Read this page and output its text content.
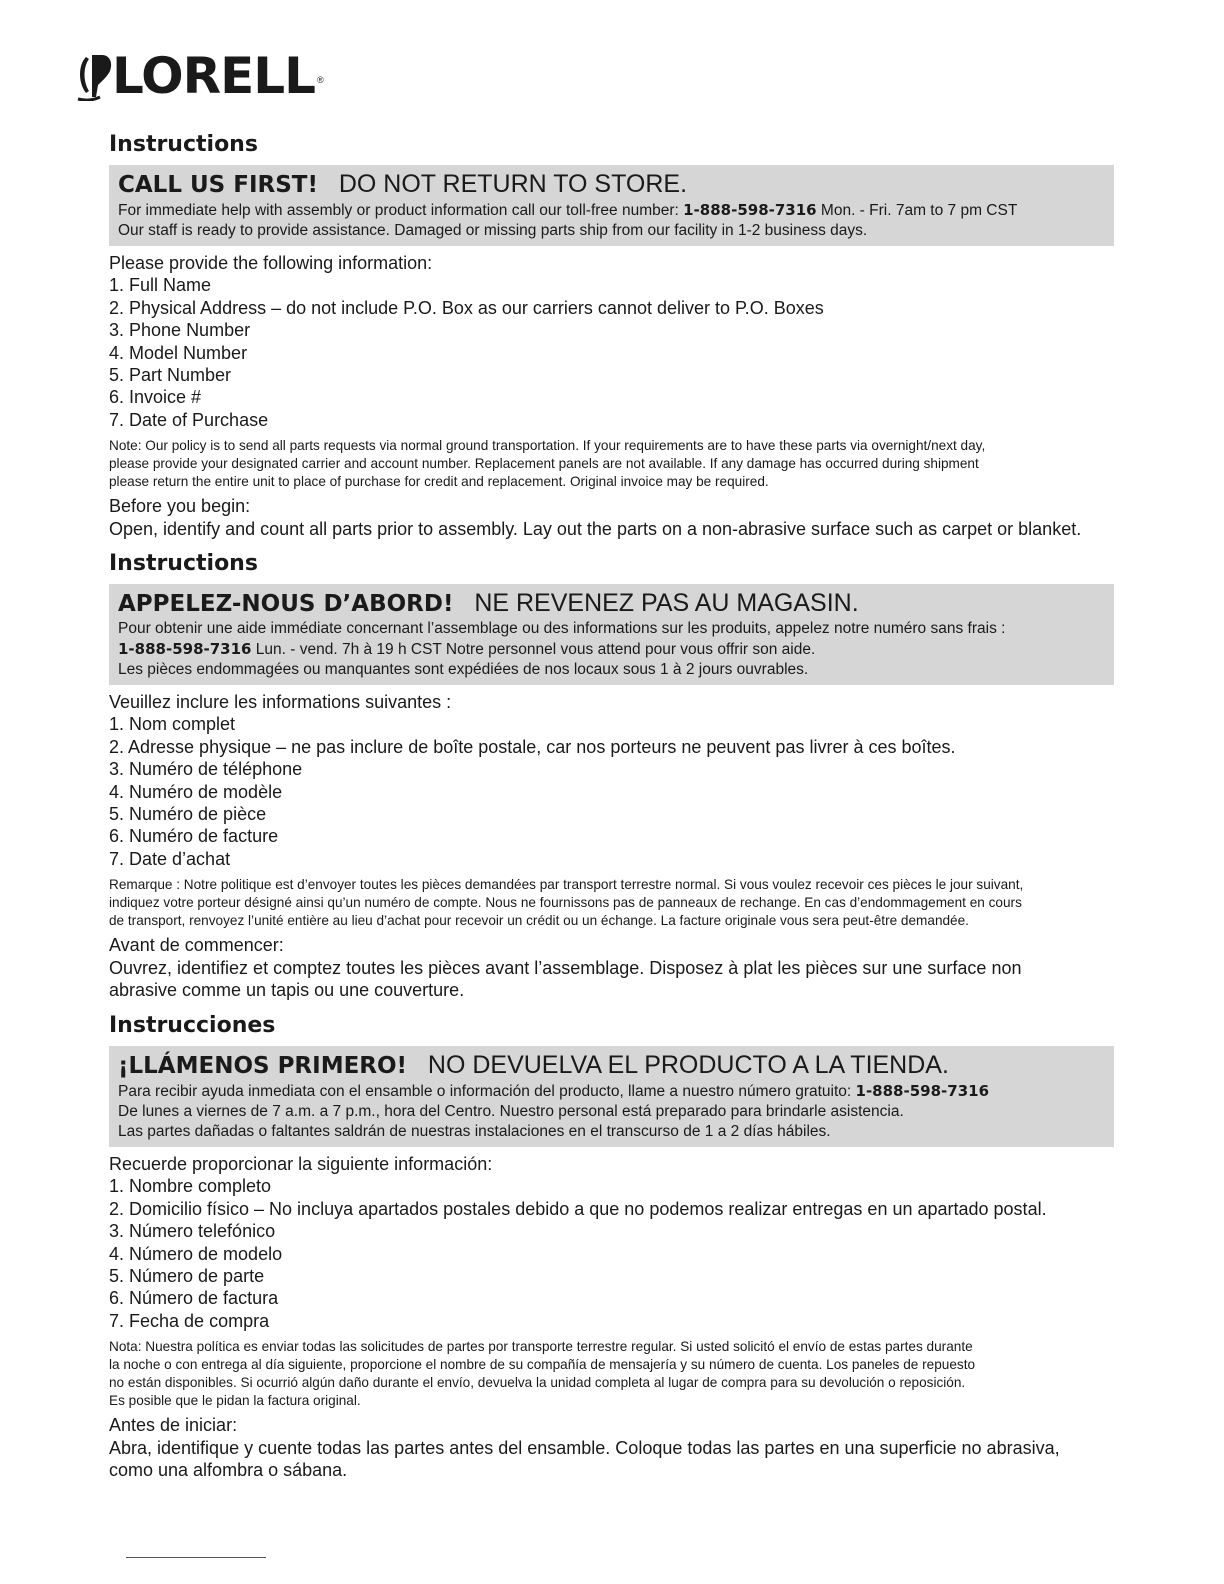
LORELL ®
Instructions
CALL US FIRST! DO NOT RETURN TO STORE.
For immediate help with assembly or product information call our toll-free number: 1-888-598-7316 Mon. - Fri. 7am to 7 pm CST
Our staff is ready to provide assistance. Damaged or missing parts ship from our facility in 1-2 business days.
Please provide the following information:
1. Full Name
2. Physical Address – do not include P.O. Box as our carriers cannot deliver to P.O. Boxes
3. Phone Number
4. Model Number
5. Part Number
6. Invoice #
7. Date of Purchase
Note: Our policy is to send all parts requests via normal ground transportation. If your requirements are to have these parts via overnight/next day,
please provide your designated carrier and account number. Replacement panels are not available. If any damage has occurred during shipment
please return the entire unit to place of purchase for credit and replacement. Original invoice may be required.
Before you begin:
Open, identify and count all parts prior to assembly. Lay out the parts on a non-abrasive surface such as carpet or blanket.
Instructions
APPELEZ-NOUS D’ABORD! NE REVENEZ PAS AU MAGASIN.
Pour obtenir une aide immédiate concernant l’assemblage ou des informations sur les produits, appelez notre numéro sans frais :
1-888-598-7316 Lun. - vend. 7h à 19 h CST Notre personnel vous attend pour vous offrir son aide.
Les pièces endommagées ou manquantes sont expédiées de nos locaux sous 1 à 2 jours ouvrables.
Veuillez inclure les informations suivantes :
1. Nom complet
2. Adresse physique – ne pas inclure de boîte postale, car nos porteurs ne peuvent pas livrer à ces boîtes.
3. Numéro de téléphone
4. Numéro de modèle
5. Numéro de pièce
6. Numéro de facture
7. Date d’achat
Remarque : Notre politique est d’envoyer toutes les pièces demandées par transport terrestre normal. Si vous voulez recevoir ces pièces le jour suivant,
indiquez votre porteur désigné ainsi qu’un numéro de compte. Nous ne fournissons pas de panneaux de rechange. En cas d’endommagement en cours
de transport, renvoyez l’unité entière au lieu d’achat pour recevoir un crédit ou un échange. La facture originale vous sera peut-être demandée.
Avant de commencer:
Ouvrez, identifiez et comptez toutes les pièces avant l’assemblage. Disposez à plat les pièces sur une surface non
abrasive comme un tapis ou une couverture.
Instrucciones
¡LLÁMENOS PRIMERO! NO DEVUELVA EL PRODUCTO A LA TIENDA.
Para recibir ayuda inmediata con el ensamble o información del producto, llame a nuestro número gratuito: 1-888-598-7316
De lunes a viernes de 7 a.m. a 7 p.m., hora del Centro. Nuestro personal está preparado para brindarle asistencia.
Las partes dañadas o faltantes saldrán de nuestras instalaciones en el transcurso de 1 a 2 días hábiles.
Recuerde proporcionar la siguiente información:
1. Nombre completo
2. Domicilio físico – No incluya apartados postales debido a que no podemos realizar entregas en un apartado postal.
3. Número telefónico
4. Número de modelo
5. Número de parte
6. Número de factura
7. Fecha de compra
Nota: Nuestra política es enviar todas las solicitudes de partes por transporte terrestre regular. Si usted solicitó el envío de estas partes durante
la noche o con entrega al día siguiente, proporcione el nombre de su compañía de mensajería y su número de cuenta. Los paneles de repuesto
no están disponibles. Si ocurrió algún daño durante el envío, devuelva la unidad completa al lugar de compra para su devolución o reposición.
Es posible que le pidan la factura original.
Antes de iniciar:
Abra, identifique y cuente todas las partes antes del ensamble. Coloque todas las partes en una superficie no abrasiva,
como una alfombra o sábana.
